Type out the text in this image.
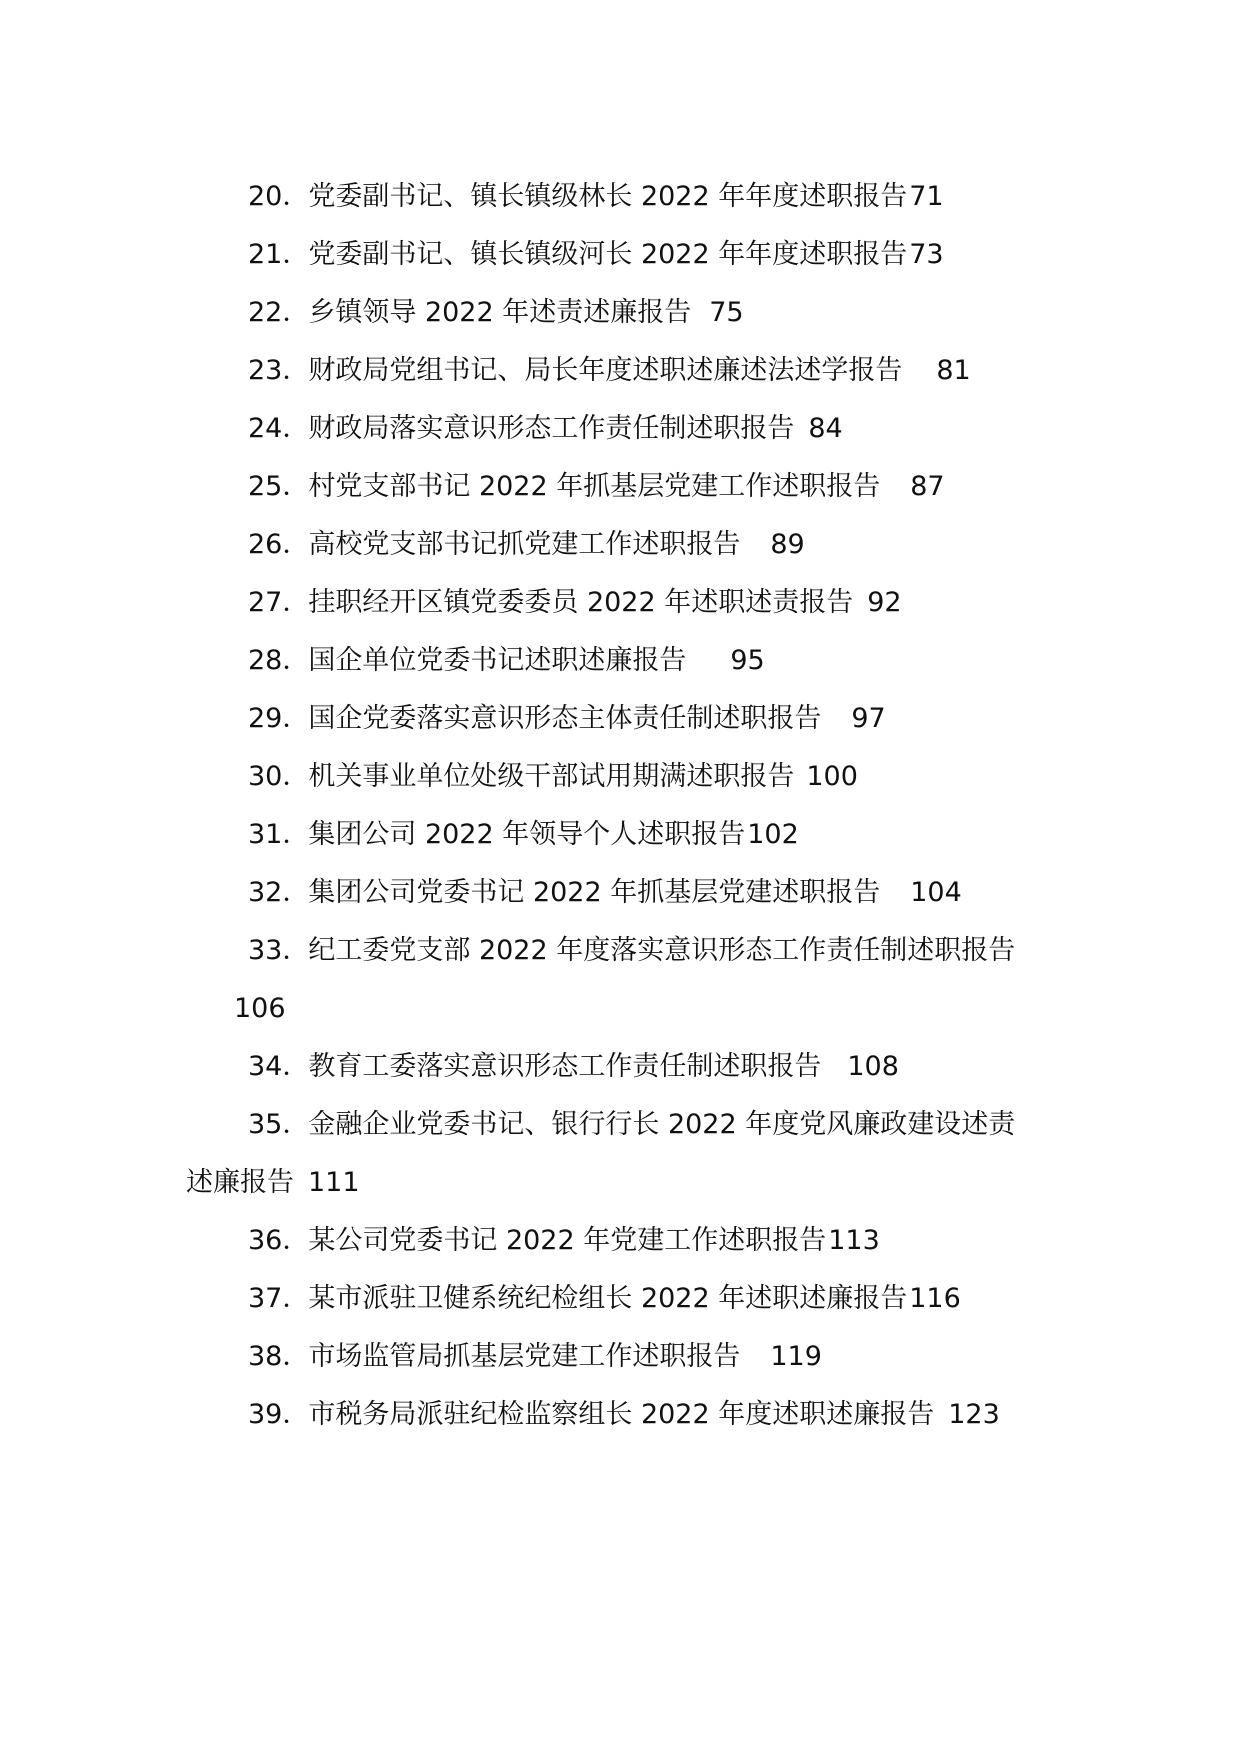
20．党委副书记、镇长镇级林长 2022 年年度述职报告71
21．党委副书记、镇长镇级河长 2022 年年度述职报告73
22．乡镇领导 2022 年述责述廉报告 75
23．财政局党组书记、局长年度述职述廉述法述学报告 81
24．财政局落实意识形态工作责任制述职报告 84
25．村党支部书记 2022 年抓基层党建工作述职报告 87
26．高校党支部书记抓党建工作述职报告 89
27．挂职经开区镇党委委员 2022 年述职述责报告 92
28．国企单位党委书记述职述廉报告 95
29．国企党委落实意识形态主体责任制述职报告 97
30．机关事业单位处级干部试用期满述职报告 100
31．集团公司 2022 年领导个人述职报告102
32．集团公司党委书记 2022 年抓基层党建述职报告 104
33．纪工委党支部 2022 年度落实意识形态工作责任制述职报告
106
34．教育工委落实意识形态工作责任制述职报告 108
35．金融企业党委书记、银行行长 2022 年度党风廉政建设述责
述廉报告 111
36．某公司党委书记 2022 年党建工作述职报告113
37．某市派驻卫健系统纪检组长 2022 年述职述廉报告116
38．市场监管局抓基层党建工作述职报告 119
39．市税务局派驻纪检监察组长 2022 年度述职述廉报告 123
